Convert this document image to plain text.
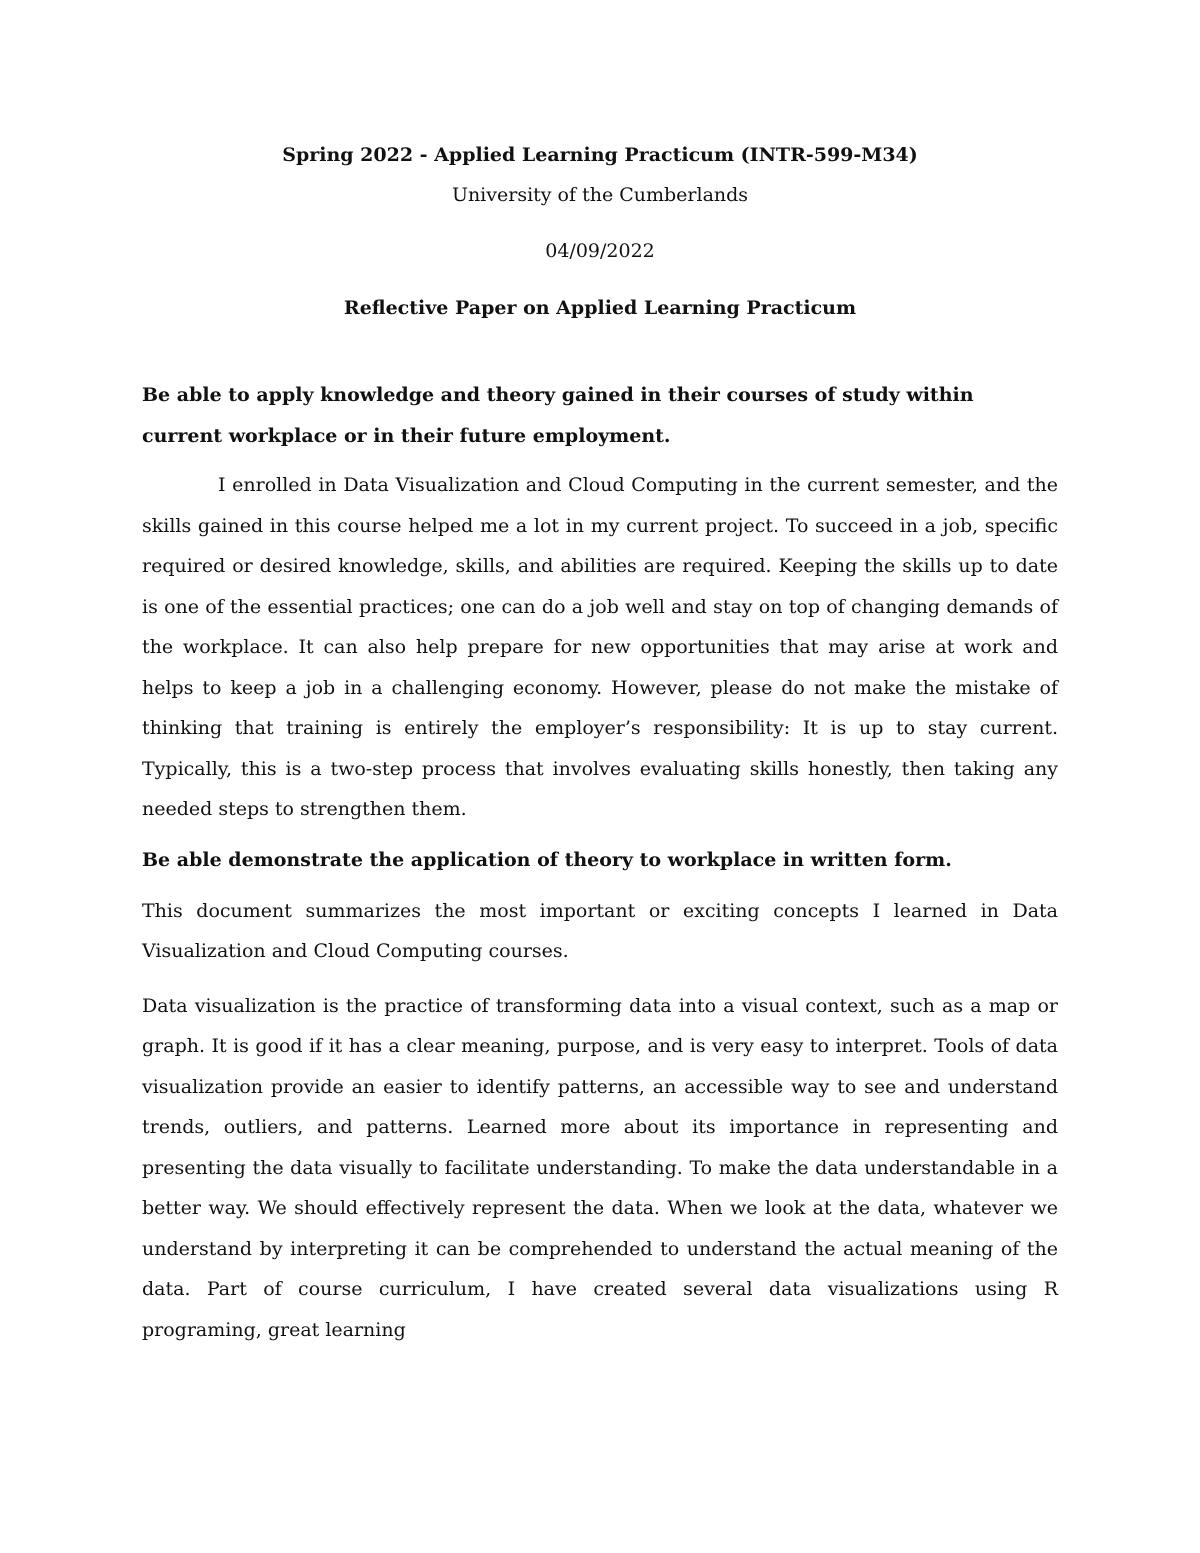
Spring 2022 - Applied Learning Practicum (INTR-599-M34)

University of the Cumberlands

04/09/2022

Reflective Paper on Applied Learning Practicum

Be able to apply knowledge and theory gained in their courses of study within current workplace or in their future employment.

I enrolled in Data Visualization and Cloud Computing in the current semester, and the skills gained in this course helped me a lot in my current project. To succeed in a job, specific required or desired knowledge, skills, and abilities are required. Keeping the skills up to date is one of the essential practices; one can do a job well and stay on top of changing demands of the workplace. It can also help prepare for new opportunities that may arise at work and helps to keep a job in a challenging economy. However, please do not make the mistake of thinking that training is entirely the employer’s responsibility: It is up to stay current. Typically, this is a two-step process that involves evaluating skills honestly, then taking any needed steps to strengthen them.

Be able demonstrate the application of theory to workplace in written form.

This document summarizes the most important or exciting concepts I learned in Data Visualization and Cloud Computing courses.

Data visualization is the practice of transforming data into a visual context, such as a map or graph. It is good if it has a clear meaning, purpose, and is very easy to interpret. Tools of data visualization provide an easier to identify patterns, an accessible way to see and understand trends, outliers, and patterns. Learned more about its importance in representing and presenting the data visually to facilitate understanding. To make the data understandable in a better way. We should effectively represent the data. When we look at the data, whatever we understand by interpreting it can be comprehended to understand the actual meaning of the data. Part of course curriculum, I have created several data visualizations using R programing, great learning
